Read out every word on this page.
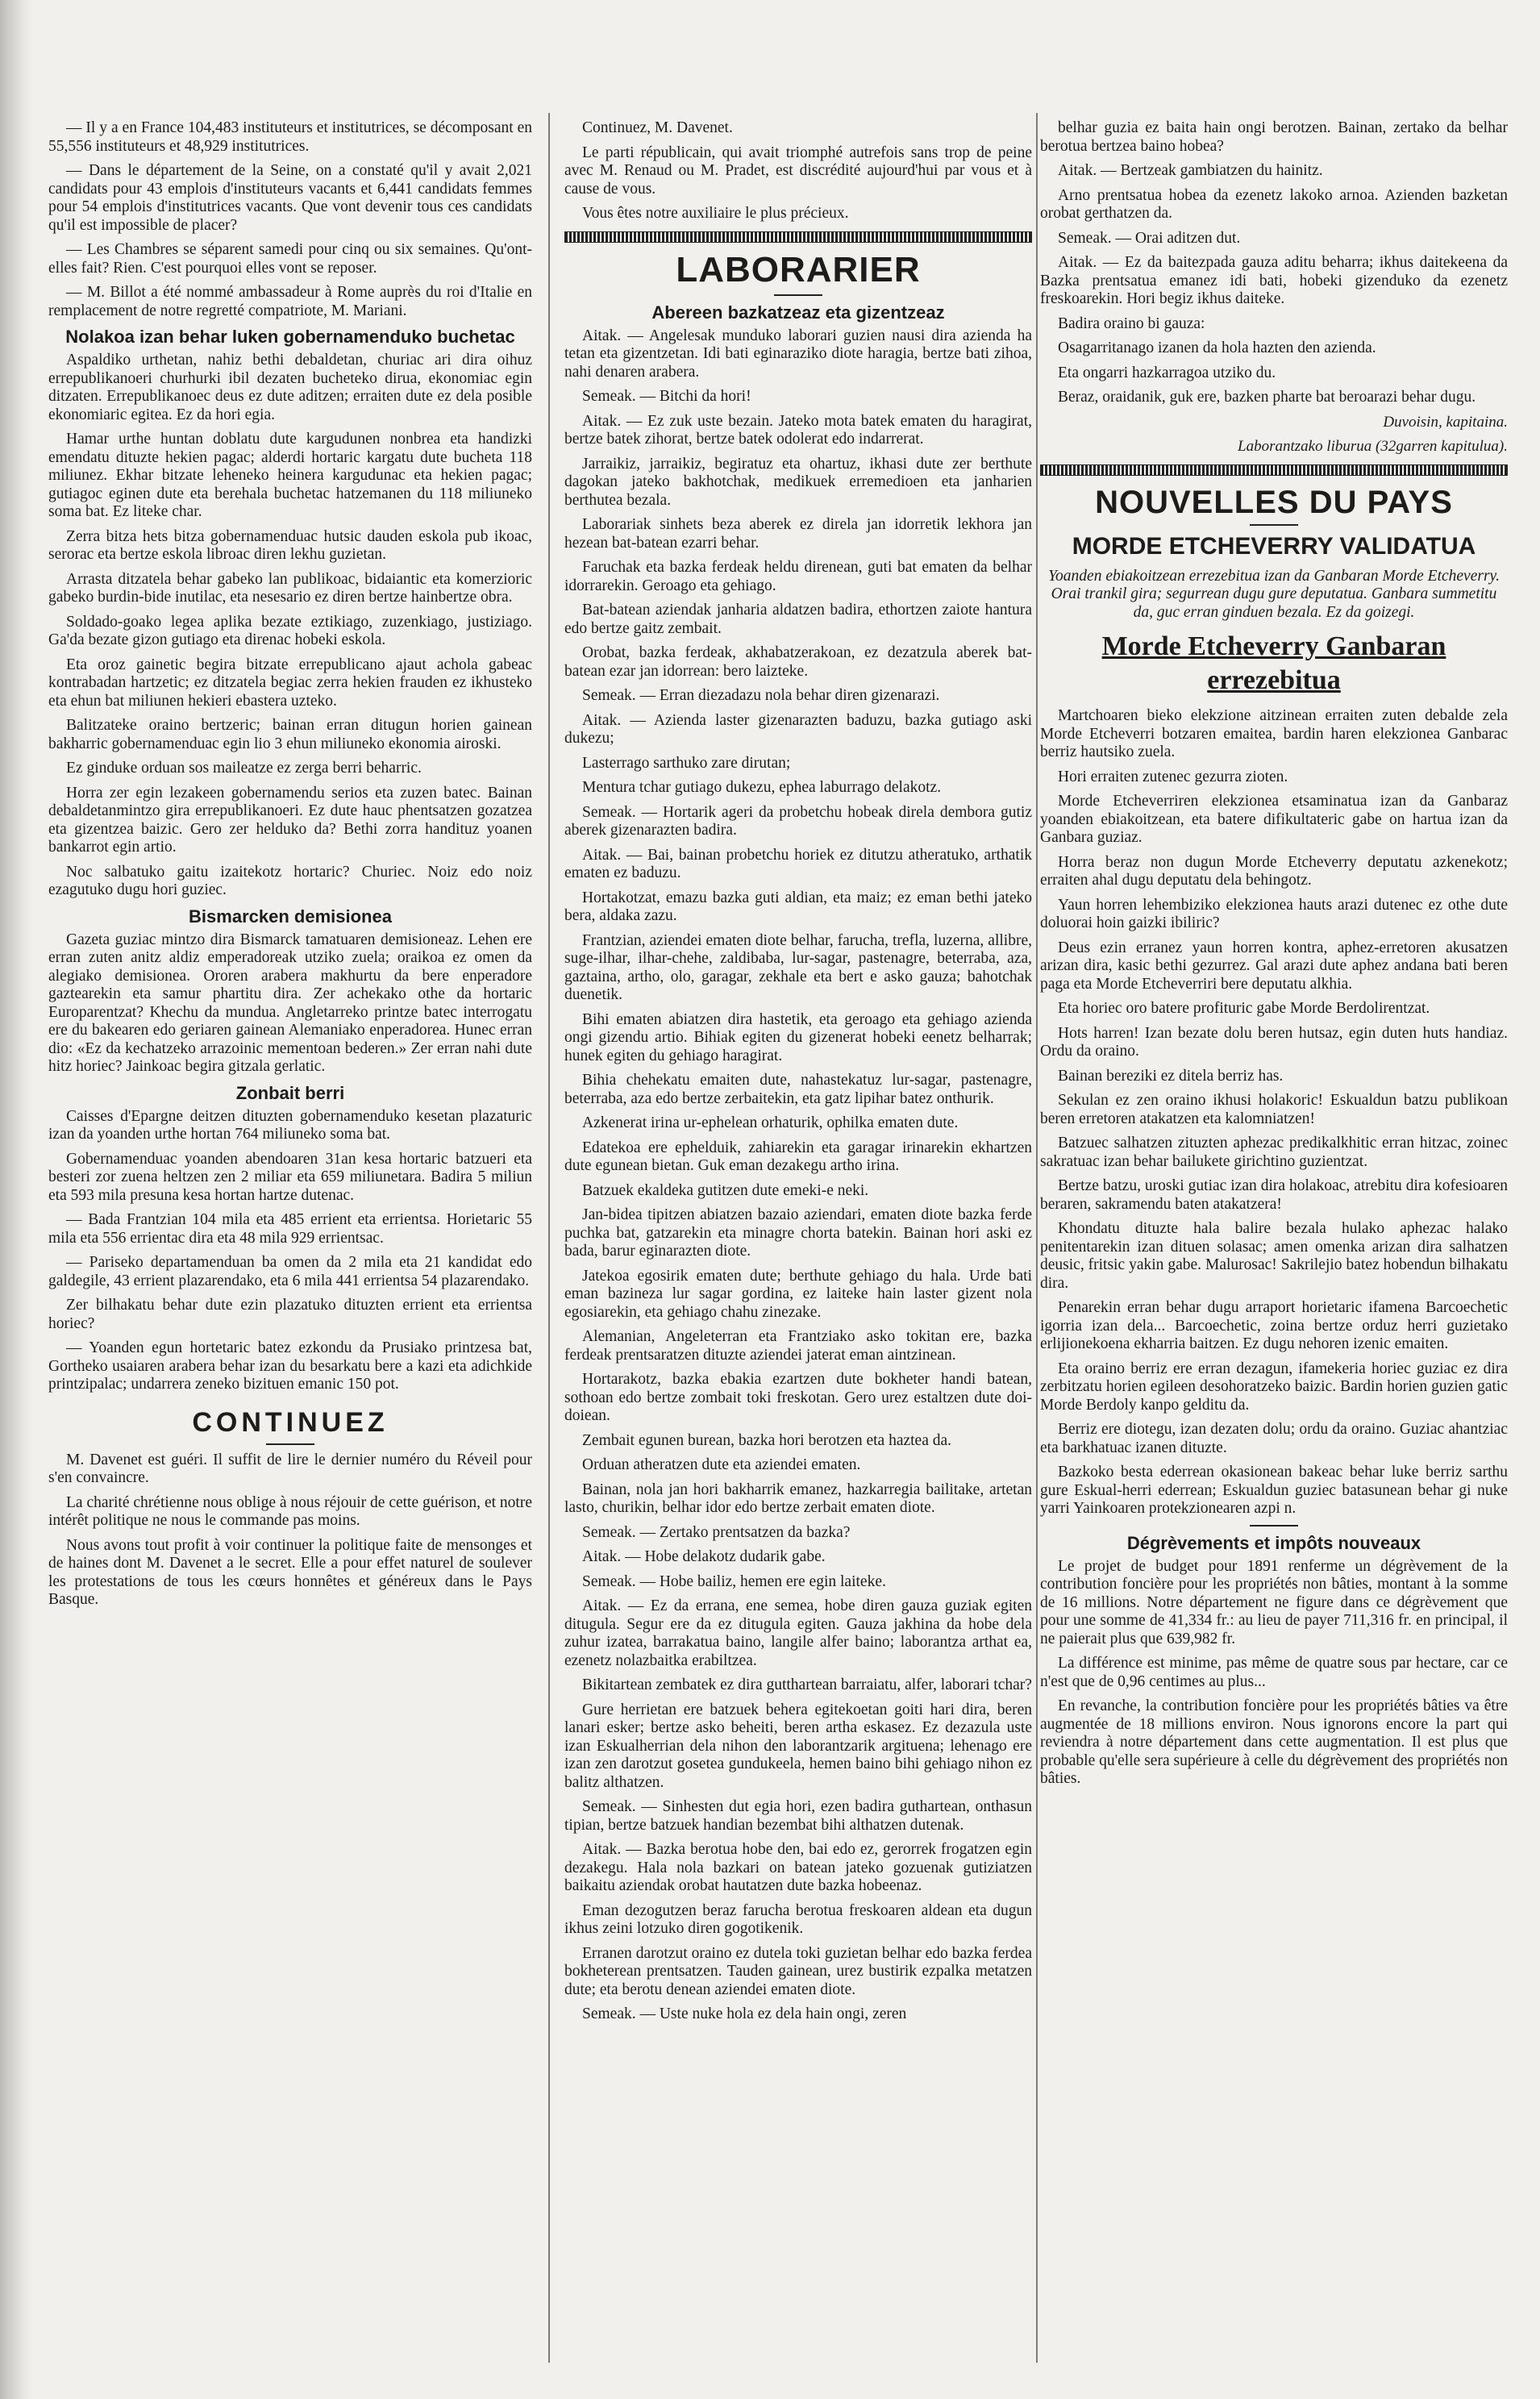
— Il y a en France 104,483 instituteurs et institutrices, se décomposant en 55,556 instituteurs et 48,929 institutrices.

— Dans le département de la Seine, on a constaté qu'il y avait 2,021 candidats pour 43 emplois d'instituteurs vacants et 6,441 candidats femmes pour 54 emplois d'institutrices vacants. Que vont devenir tous ces candidats qu'il est impossible de placer?

— Les Chambres se séparent samedi pour cinq ou six semaines. Qu'ont-elles fait? Rien. C'est pourquoi elles vont se reposer.

— M. Billot a été nommé ambassadeur à Rome auprès du roi d'Italie en remplacement de notre regretté compatriote, M. Mariani.

Nolakoa izan behar luken gobernamenduko buchetac

Aspaldiko urthetan, nahiz bethi debaldetan, churiac ari dira oihuz errepublikanoeri churhurki ibil dezaten bucheteko dirua, ekonomiac egin ditzaten. Errepublikanoec deus ez dute aditzen; erraiten dute ez dela posible ekonomiaric egitea. Ez da hori egia.

Hamar urthe huntan doblatu dute kargudunen nonbrea eta handizki emendatu dituzte hekien pagac; alderdi hortaric kargatu dute bucheta 118 miliunez. Ekhar bitzate leheneko heinera kargudunac eta hekien pagac; gutiagoc eginen dute eta berehala buchetac hatzemanen du 118 miliuneko soma bat. Ez liteke char.

Zerra bitza hets bitza gobernamenduac hutsic dauden eskola pub ikoac, serorac eta bertze eskola libroac diren lekhu guzietan.

Arrasta ditzatela behar gabeko lan publikoac, bidaiantic eta komerzioric gabeko burdin-bide inutilac, eta nesesario ez diren bertze hainbertze obra.

Soldado-goako legea aplika bezate eztikiago, zuzenkiago, justiziago. Ga'da bezate gizon gutiago eta direnac hobeki eskola.

Eta oroz gainetic begira bitzate errepublicano ajaut achola gabeac kontrabadan hartzetic; ez ditzatela begiac zerra hekien frauden ez ikhusteko eta ehun bat miliunen hekieri ebastera uzteko.

Balitzateke oraino bertzeric; bainan erran ditugun horien gainean bakharric gobernamenduac egin lio 3 ehun miliuneko ekonomia airoski.

Ez ginduke orduan sos maileatze ez zerga berri beharric.

Horra zer egin lezakeen gobernamendu serios eta zuzen batec. Bainan debaldetanmintzo gira errepublikanoeri. Ez dute hauc phentsatzen gozatzea eta gizentzea baizic. Gero zer helduko da? Bethi zorra handituz yoanen bankarrot egin artio.

Noc salbatuko gaitu izaitekotz hortaric? Churiec. Noiz edo noiz ezagutuko dugu hori guziec.

Bismarcken demisionea

Gazeta guziac mintzo dira Bismarck tamatuaren demisioneaz. Lehen ere erran zuten anitz aldiz emperadoreak utziko zuela; oraikoa ez omen da alegiako demisionea. Ororen arabera makhurtu da bere enperadore gaztearekin eta samur phartitu dira. Zer achekako othe da hortaric Europarentzat? Khechu da mundua. Angletarreko printze batec interrogatu ere du bakearen edo geriaren gainean Alemaniako enperadorea. Hunec erran dio: «Ez da kechatzeko arrazoinic mementoan bederen.» Zer erran nahi dute hitz horiec? Jainkoac begira gitzala gerlatic.

Zonbait berri

Caisses d'Epargne deitzen dituzten gobernamenduko kesetan plazaturic izan da yoanden urthe hortan 764 miliuneko soma bat.

Gobernamenduac yoanden abendoaren 31an kesa hortaric batzueri eta besteri zor zuena heltzen zen 2 miliar eta 659 miliunetara. Badira 5 miliun eta 593 mila presuna kesa hortan hartze dutenac.

— Bada Frantzian 104 mila eta 485 errient eta errientsa. Horietaric 55 mila eta 556 errientac dira eta 48 mila 929 errientsac.

— Pariseko departamenduan ba omen da 2 mila eta 21 kandidat edo galdegile, 43 errient plazarendako, eta 6 mila 441 errientsa 54 plazarendako.

Zer bilhakatu behar dute ezin plazatuko dituzten errient eta errientsa horiec?

— Yoanden egun hortetaric batez ezkondu da Prusiako printzesa bat, Gortheko usaiaren arabera behar izan du besarkatu bere a kazi eta adichkide printzipalac; undarrera zeneko bizituen emanic 150 pot.

CONTINUEZ

M. Davenet est guéri. Il suffit de lire le dernier numéro du Réveil pour s'en convaincre.

La charité chrétienne nous oblige à nous réjouir de cette guérison, et notre intérêt politique ne nous le commande pas moins.

Nous avons tout profit à voir continuer la politique faite de mensonges et de haines dont M. Davenet a le secret. Elle a pour effet naturel de soulever les protestations de tous les cœurs honnêtes et généreux dans le Pays Basque.

Continuez, M. Davenet.

Le parti républicain, qui avait triomphé autrefois sans trop de peine avec M. Renaud ou M. Pradet, est discrédité aujourd'hui par vous et à cause de vous.

Vous êtes notre auxiliaire le plus précieux.

LABORARIER
Abereen bazkatzeaz eta gizentzeaz

Aitak. — Angelesak munduko laborari guzien nausi dira azienda ha tetan eta gizentzetan. Idi bati eginaraziko diote haragia, bertze bati zihoa, nahi denaren arabera.

Semeak. — Bitchi da hori!

Aitak. — Ez zuk uste bezain. Jateko mota batek ematen du haragirat, bertze batek zihorat, bertze batek odolerat edo indarrerat.

Jarraikiz, jarraikiz, begiratuz eta ohartuz, ikhasi dute zer berthute dagokan jateko bakhotchak, medikuek erremedioen eta janharien berthutea bezala.

Laborariak sinhets beza aberek ez direla jan idorretik lekhora jan hezean bat-batean ezarri behar.

Faruchak eta bazka ferdeak heldu direnean, guti bat ematen da belhar idorrarekin. Geroago eta gehiago.

Bat-batean aziendak janharia aldatzen badira, ethortzen zaiote hantura edo bertze gaitz zembait.

Orobat, bazka ferdeak, akhabatzerakoan, ez dezatzula aberek bat-batean ezar jan idorrean: bero laizteke.

Semeak. — Erran diezadazu nola behar diren gizenarazi.

Aitak. — Azienda laster gizenarazten baduzu, bazka gutiago aski dukezu;

Lasterrago sarthuko zare dirutan;

Mentura tchar gutiago dukezu, ephea laburrago delakotz.

Semeak. — Hortarik ageri da probetchu hobeak direla dembora gutiz aberek gizenarazten badira.

Aitak. — Bai, bainan probetchu horiek ez ditutzu atheratuko, arthatik ematen ez baduzu.

Hortakotzat, emazu bazka guti aldian, eta maiz; ez eman bethi jateko bera, aldaka zazu.

Frantzian, aziendei ematen diote belhar, farucha, trefla, luzerna, allibre, suge-ilhar, ilhar-chehe, zaldibaba, lur-sagar, pastenagre, beterraba, aza, gaztaina, artho, olo, garagar, zekhale eta bert e asko gauza; bahotchak duenetik.

Bihi ematen abiatzen dira hastetik, eta geroago eta gehiago azienda ongi gizendu artio. Bihiak egiten du gizenerat hobeki eenetz belharrak; hunek egiten du gehiago haragirat.

Bihia chehekatu emaiten dute, nahastekatuz lur-sagar, pastenagre, beterraba, aza edo bertze zerbaitekin, eta gatz lipihar batez onthurik.

Azkenerat irina ur-ephelean orhaturik, ophilka ematen dute.

Edatekoa ere ephelduik, zahiarekin eta garagar irinarekin ekhartzen dute egunean bietan. Guk eman dezakegu artho irina.

Batzuek ekaldeka gutitzen dute emeki-e neki.

Jan-bidea tipitzen abiatzen bazaio aziendari, ematen diote bazka ferde puchka bat, gatzarekin eta minagre chorta batekin. Bainan hori aski ez bada, barur eginarazten diote.

Jatekoa egosirik ematen dute; berthute gehiago du hala. Urde bati eman bazineza lur sagar gordina, ez laiteke hain laster gizent nola egosiarekin, eta gehiago chahu zinezake.

Alemanian, Angeleterran eta Frantziako asko tokitan ere, bazka ferdeak prentsaratzen dituzte aziendei jaterat eman aintzinean.

Hortarakotz, bazka ebakia ezartzen dute bokheter handi batean, sothoan edo bertze zombait toki freskotan. Gero urez estaltzen dute doi-doiean.

Zembait egunen burean, bazka hori berotzen eta haztea da.

Orduan atheratzen dute eta aziendei ematen.

Bainan, nola jan hori bakharrik emanez, hazkarregia bailitake, artetan lasto, churikin, belhar idor edo bertze zerbait ematen diote.

Semeak. — Zertako prentsatzen da bazka?

Aitak. — Hobe delakotz dudarik gabe.

Semeak. — Hobe bailiz, hemen ere egin laiteke.

Aitak. — Ez da errana, ene semea, hobe diren gauza guziak egiten ditugula. Segur ere da ez ditugula egiten. Gauza jakhina da hobe dela zuhur izatea, barrakatua baino, langile alfer baino; laborantza arthat ea, ezenetz nolazbaitka erabiltzea.

Bikitartean zembatek ez dira gutthartean barraiatu, alfer, laborari tchar?

Gure herrietan ere batzuek behera egitekoetan goiti hari dira, beren lanari esker; bertze asko beheiti, beren artha eskasez. Ez dezazula uste izan Eskualherrian dela nihon den laborantzarik argituena; lehenago ere izan zen darotzut gosetea gundukeela, hemen baino bihi gehiago nihon ez balitz althatzen.

Semeak. — Sinhesten dut egia hori, ezen badira guthartean, onthasun tipian, bertze batzuek handian bezembat bihi althatzen dutenak.

Aitak. — Bazka berotua hobe den, bai edo ez, gerorrek frogatzen egin dezakegu. Hala nola bazkari on batean jateko gozuenak gutiziatzen baikaitu aziendak orobat hautatzen dute bazka hobeenaz.

Eman dezogutzen beraz farucha berotua freskoaren aldean eta dugun ikhus zeini lotzuko diren gogotikenik.

Erranen darotzut oraino ez dutela toki guzietan belhar edo bazka ferdea bokheterean prentsatzen. Tauden gainean, urez bustirik ezpalka metatzen dute; eta berotu denean aziendei ematen diote.

Semeak. — Uste nuke hola ez dela hain ongi, zeren

belhar guzia ez baita hain ongi berotzen. Bainan, zertako da belhar berotua bertzea baino hobea?

Aitak. — Bertzeak gambiatzen du hainitz.

Arno prentsatua hobea da ezenetz lakoko arnoa. Azienden bazketan orobat gerthatzen da.

Semeak. — Orai aditzen dut.

Aitak. — Ez da baitezpada gauza aditu beharra; ikhus daitekeena da Bazka prentsatua emanez idi bati, hobeki gizenduko da ezenetz freskoarekin. Hori begiz ikhus daiteke.

Badira oraino bi gauza:

Osagarritanago izanen da hola hazten den azienda.

Eta ongarri hazkarragoa utziko du.

Beraz, oraidanik, guk ere, bazken pharte bat beroarazi behar dugu.

Duvoisin, kapitaina.

Laborantzako liburua (32garren kapitulua).

NOUVELLES DU PAYS
MORDE ETCHEVERRY VALIDATUA

Yoanden ebiakoitzean errezebitua izan da Ganbaran Morde Etcheverry. Orai trankil gira; segurrean dugu gure deputatua. Ganbara summetitu da, guc erran ginduen bezala. Ez da goizegi.

Morde Etcheverry Ganbaran errezebitua

Martchoaren bieko elekzione aitzinean erraiten zuten debalde zela Morde Etcheverri botzaren emaitea, bardin haren elekzionea Ganbarac berriz hautsiko zuela.

Hori erraiten zutenec gezurra zioten.

Morde Etcheverriren elekzionea etsaminatua izan da Ganbaraz yoanden ebiakoitzean, eta batere difikultateric gabe on hartua izan da Ganbara guziaz.

Horra beraz non dugun Morde Etcheverry deputatu azkenekotz; erraiten ahal dugu deputatu dela behingotz.

Yaun horren lehembiziko elekzionea hauts arazi dutenec ez othe dute doluorai hoin gaizki ibiliric?

Deus ezin erranez yaun horren kontra, aphez-erretoren akusatzen arizan dira, kasic bethi gezurrez. Gal arazi dute aphez andana bati beren paga eta Morde Etcheverriri bere deputatu alkhia.

Eta horiec oro batere profituric gabe Morde Berdolirentzat.

Hots harren! Izan bezate dolu beren hutsaz, egin duten huts handiaz. Ordu da oraino.

Bainan bereziki ez ditela berriz has.

Sekulan ez zen oraino ikhusi holakoric! Eskualdun batzu publikoan beren erretoren atakatzen eta kalomniatzen!

Batzuec salhatzen zituzten aphezac predikalkhitic erran hitzac, zoinec sakratuac izan behar bailukete girichtino guzientzat.

Bertze batzu, uroski gutiac izan dira holakoac, atrebitu dira kofesioaren beraren, sakramendu baten atakatzera!

Khondatu dituzte hala balire bezala hulako aphezac halako penitentarekin izan dituen solasac; amen omenka arizan dira salhatzen deusic, fritsic yakin gabe. Malurosac! Sakrilejio batez hobendun bilhakatu dira.

Penarekin erran behar dugu arraport horietaric ifamena Barcoechetic igorria izan dela... Barcoechetic, zoina bertze orduz herri guzietako erlijionekoena ekharria baitzen. Ez dugu nehoren izenic emaiten.

Eta oraino berriz ere erran dezagun, ifamekeria horiec guziac ez dira zerbitzatu horien egileen desohoratzeko baizic. Bardin horien guzien gatic Morde Berdoly kanpo gelditu da.

Berriz ere diotegu, izan dezaten dolu; ordu da oraino. Guziac ahantziac eta barkhatuac izanen dituzte.

Bazkoko besta ederrean okasionean bakeac behar luke berriz sarthu gure Eskual-herri ederrean; Eskualdun guziec batasunean behar gi nuke yarri Yainkoaren protekzionearen azpi n.

Dégrèvements et impôts nouveaux

Le projet de budget pour 1891 renferme un dégrèvement de la contribution foncière pour les propriétés non bâties, montant à la somme de 16 millions. Notre département ne figure dans ce dégrèvement que pour une somme de 41,334 fr.: au lieu de payer 711,316 fr. en principal, il ne paierait plus que 639,982 fr.

La différence est minime, pas même de quatre sous par hectare, car ce n'est que de 0,96 centimes au plus...

En revanche, la contribution foncière pour les propriétés bâties va être augmentée de 18 millions environ. Nous ignorons encore la part qui reviendra à notre département dans cette augmentation. Il est plus que probable qu'elle sera supérieure à celle du dégrèvement des propriétés non bâties.
